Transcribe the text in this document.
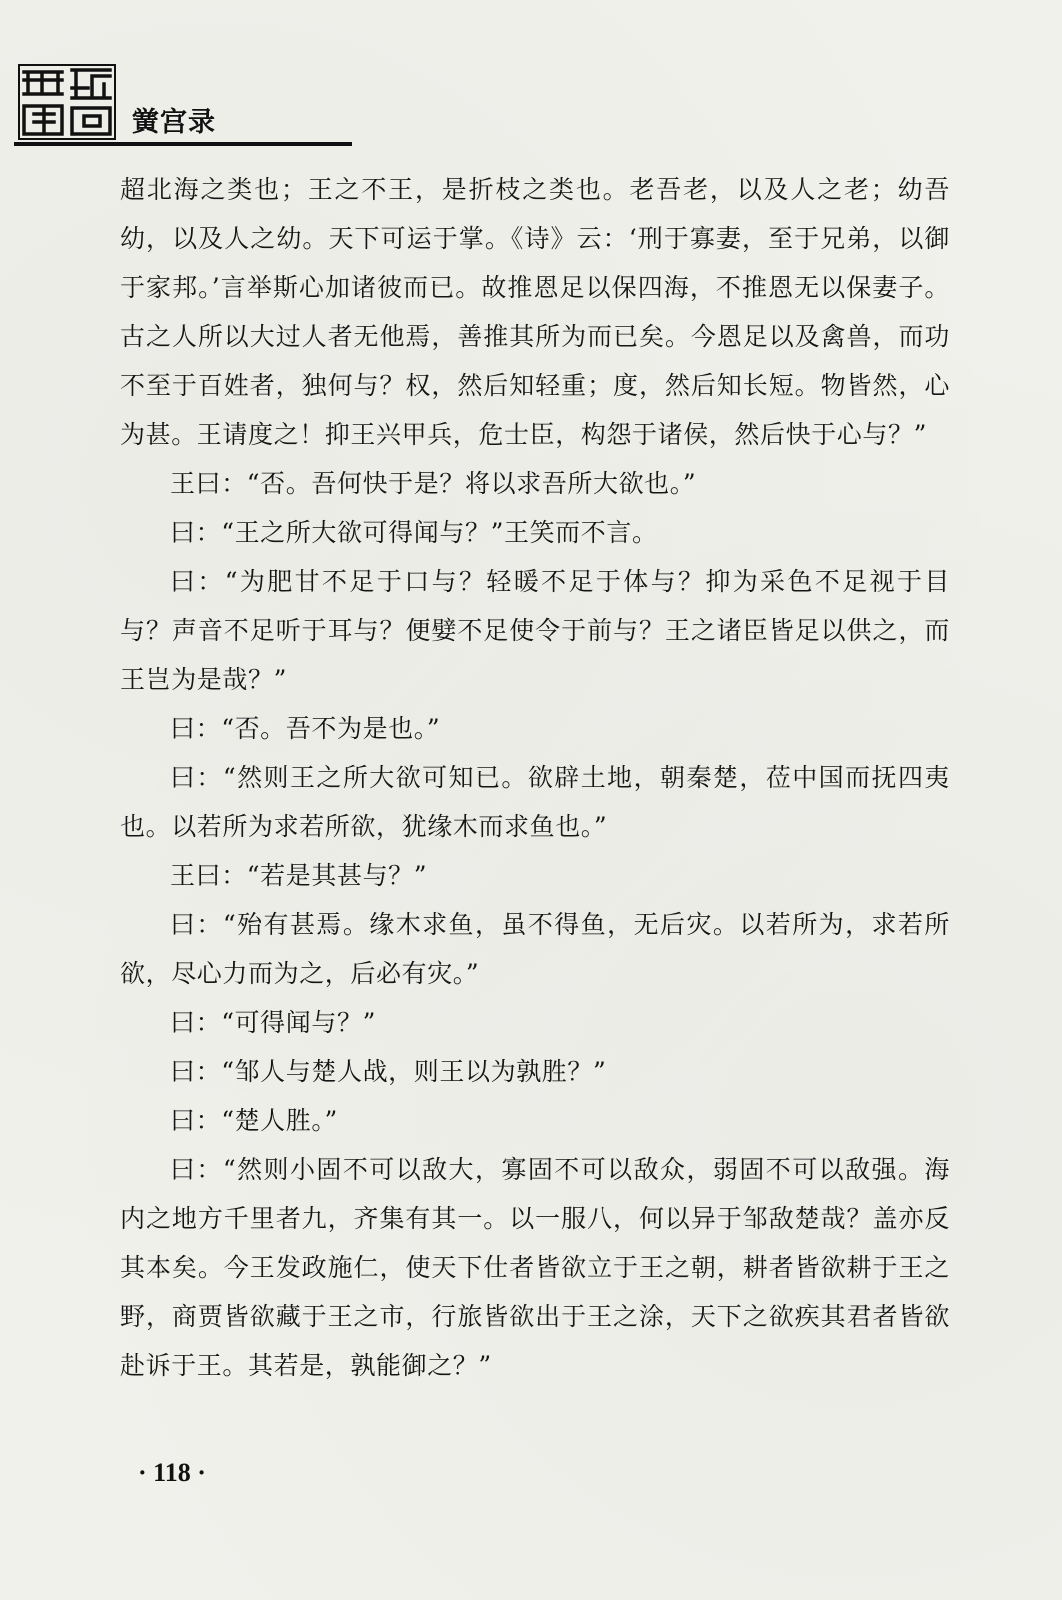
黉宫录

超北海之类也；王之不王，是折枝之类也。老吾老，以及人之老；幼吾幼，以及人之幼。天下可运于掌。《诗》云：‘刑于寡妻，至于兄弟，以御于家邦。’言举斯心加诸彼而已。故推恩足以保四海，不推恩无以保妻子。古之人所以大过人者无他焉，善推其所为而已矣。今恩足以及禽兽，而功不至于百姓者，独何与？权，然后知轻重；度，然后知长短。物皆然，心为甚。王请度之！抑王兴甲兵，危士臣，构怨于诸侯，然后快于心与？”

王曰：“否。吾何快于是？将以求吾所大欲也。”

曰：“王之所大欲可得闻与？”王笑而不言。

曰：“为肥甘不足于口与？轻暖不足于体与？抑为采色不足视于目与？声音不足听于耳与？便嬖不足使令于前与？王之诸臣皆足以供之，而王岂为是哉？”

曰：“否。吾不为是也。”

曰：“然则王之所大欲可知已。欲辟土地，朝秦楚，莅中国而抚四夷也。以若所为求若所欲，犹缘木而求鱼也。”

王曰：“若是其甚与？”

曰：“殆有甚焉。缘木求鱼，虽不得鱼，无后灾。以若所为，求若所欲，尽心力而为之，后必有灾。”

曰：“可得闻与？”

曰：“邹人与楚人战，则王以为孰胜？”

曰：“楚人胜。”

曰：“然则小固不可以敌大，寡固不可以敌众，弱固不可以敌强。海内之地方千里者九，齐集有其一。以一服八，何以异于邹敌楚哉？盖亦反其本矣。今王发政施仁，使天下仕者皆欲立于王之朝，耕者皆欲耕于王之野，商贾皆欲藏于王之市，行旅皆欲出于王之涂，天下之欲疾其君者皆欲赴诉于王。其若是，孰能御之？”

· 118 ·
